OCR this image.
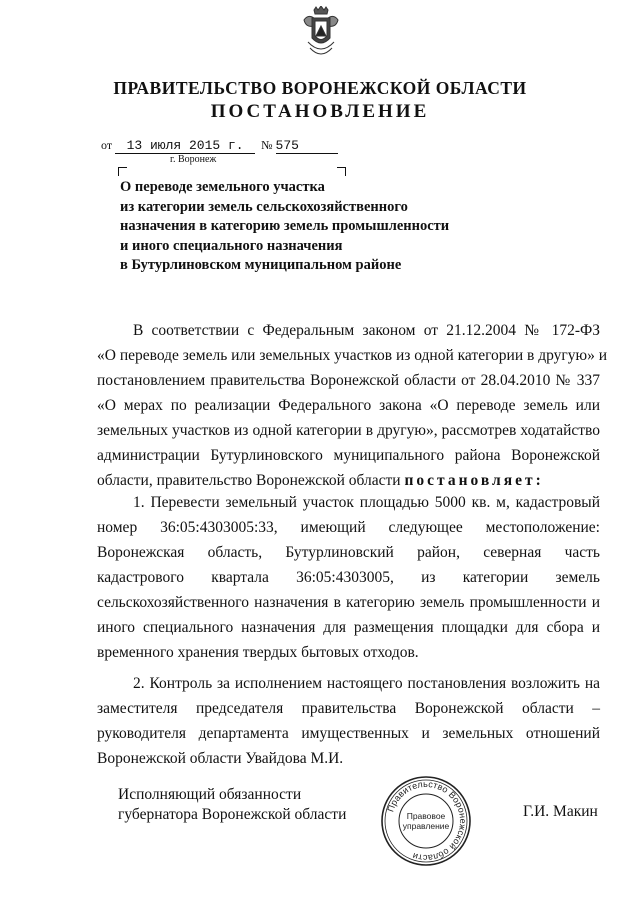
ПРАВИТЕЛЬСТВО ВОРОНЕЖСКОЙ ОБЛАСТИ
ПОСТАНОВЛЕНИЕ
от 13 июля 2015 г. № 575
г. Воронеж
О переводе земельного участка
из категории земель сельскохозяйственного
назначения в категорию земель промышленности
и иного специального назначения
в Бутурлиновском муниципальном районе
В соответствии с Федеральным законом от 21.12.2004 № 172-ФЗ
«О переводе земель или земельных участков из одной категории в другую» и
постановлением правительства Воронежской области от 28.04.2010 № 337
«О мерах по реализации Федерального закона «О переводе земель или
земельных участков из одной категории в другую», рассмотрев ходатайство
администрации Бутурлиновского муниципального района Воронежской
области, правительство Воронежской области постановляет:
1. Перевести земельный участок площадью 5000 кв. м, кадастровый
номер 36:05:4303005:33, имеющий следующее местоположение:
Воронежская область, Бутурлиновский район, северная часть
кадастрового квартала 36:05:4303005, из категории земель
сельскохозяйственного назначения в категорию земель промышленности и
иного специального назначения для размещения площадки для сбора и
временного хранения твердых бытовых отходов.
2. Контроль за исполнением настоящего постановления возложить на
заместителя председателя правительства Воронежской области –
руководителя департамента имущественных и земельных отношений
Воронежской области Увайдова М.И.
Исполняющий обязанности
губернатора Воронежской области	Правительство Воронежской области
Правовое
управление
Г.И. Макин
